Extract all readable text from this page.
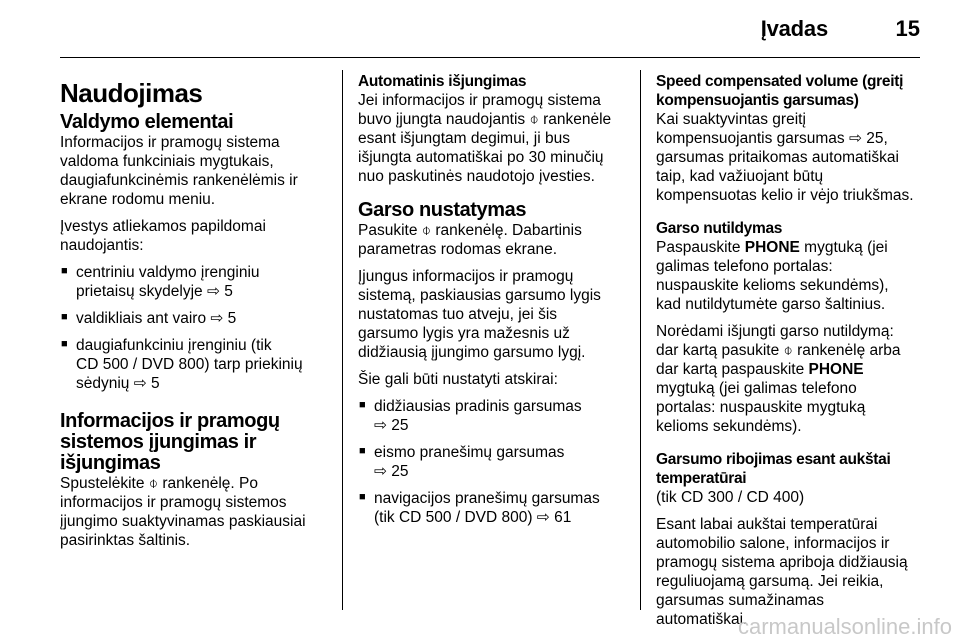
Įvadas	15
Naudojimas
Valdymo elementai
Informacijos ir pramogų sistema
valdoma funkciniais mygtukais,
daugiafunkcinėmis rankenėlėmis ir
ekrane rodomu meniu.
Įvestys atliekamos papildomai
naudojantis:
■ centriniu valdymo įrenginiu
prietaisų skydelyje ⇨ 5
■ valdikliais ant vairo ⇨ 5
■ daugiafunkciniu įrenginiu (tik
CD 500 / DVD 800) tarp priekinių
sėdynių ⇨ 5
Informacijos ir pramogų
sistemos įjungimas ir išjungimas
Spustelėkite ⌽ rankenėlę. Po
informacijos ir pramogų sistemos
įjungimo suaktyvinamas paskiausiai
pasirinktas šaltinis.
Automatinis išjungimas
Jei informacijos ir pramogų sistema
buvo įjungta naudojantis ⌽ rankenėle
esant išjungtam degimui, ji bus
išjungta automatiškai po 30 minučių
nuo paskutinės naudotojo įvesties.
Garso nustatymas
Pasukite ⌽ rankenėlę. Dabartinis
parametras rodomas ekrane.
Įjungus informacijos ir pramogų
sistemą, paskiausias garsumo lygis
nustatomas tuo atveju, jei šis
garsumo lygis yra mažesnis už
didžiausią įjungimo garsumo lygį.
Šie gali būti nustatyti atskirai:
■ didžiausias pradinis garsumas
⇨ 25
■ eismo pranešimų garsumas
⇨ 25
■ navigacijos pranešimų garsumas
(tik CD 500 / DVD 800) ⇨ 61
Speed compensated volume (greitį
kompensuojantis garsumas)
Kai suaktyvintas greitį
kompensuojantis garsumas ⇨ 25,
garsumas pritaikomas automatiškai
taip, kad važiuojant būtų
kompensuotas kelio ir vėjo triukšmas.
Garso nutildymas
Paspauskite PHONE mygtuką (jei
galimas telefono portalas:
nuspauskite kelioms sekundėms),
kad nutildytumėte garso šaltinius.
Norėdami išjungti garso nutildymą:
dar kartą pasukite ⌽ rankenėlę arba
dar kartą paspauskite PHONE
mygtuką (jei galimas telefono
portalas: nuspauskite mygtuką
kelioms sekundėms).
Garsumo ribojimas esant aukštai
temperatūrai
(tik CD 300 / CD 400)
Esant labai aukštai temperatūrai
automobilio salone, informacijos ir
pramogų sistema apriboja didžiausią
reguliuojamą garsumą. Jei reikia,
garsumas sumažinamas
automatiškai.
carmanualsonline.info
